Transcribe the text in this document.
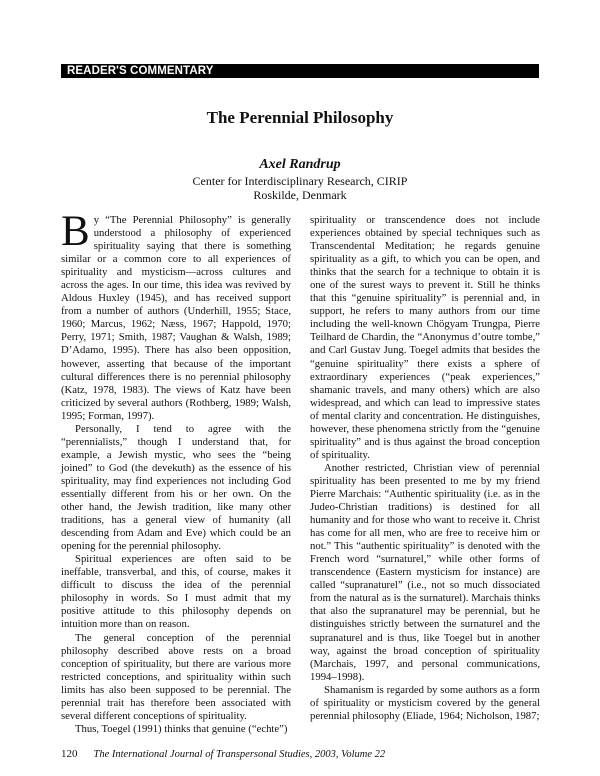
READER'S COMMENTARY
The Perennial Philosophy
Axel Randrup
Center for Interdisciplinary Research, CIRIP
Roskilde, Denmark

By “The Perennial Philosophy” is generally understood a philosophy of experienced spirituality saying that there is something similar or a common core to all experiences of spirituality and mysticism—across cultures and across the ages. In our time, this idea was revived by Aldous Huxley (1945), and has received support from a number of authors (Underhill, 1955; Stace, 1960; Marcus, 1962; Næss, 1967; Happold, 1970; Perry, 1971; Smith, 1987; Vaughan & Walsh, 1989; D’Adamo, 1995). There has also been opposition, however, asserting that because of the important cultural differences there is no perennial philosophy (Katz, 1978, 1983). The views of Katz have been criticized by several authors (Rothberg, 1989; Walsh, 1995; Forman, 1997).

Personally, I tend to agree with the “perennialists,” though I understand that, for example, a Jewish mystic, who sees the “being joined” to God (the devekuth) as the essence of his spirituality, may find experiences not including God essentially different from his or her own. On the other hand, the Jewish tradition, like many other traditions, has a general view of humanity (all descending from Adam and Eve) which could be an opening for the perennial philosophy.

Spiritual experiences are often said to be ineffable, transverbal, and this, of course, makes it difficult to discuss the idea of the perennial philosophy in words. So I must admit that my positive attitude to this philosophy depends on intuition more than on reason.

The general conception of the perennial philosophy described above rests on a broad conception of spirituality, but there are various more restricted conceptions, and spirituality within such limits has also been supposed to be perennial. The perennial trait has therefore been associated with several different conceptions of spirituality.

Thus, Toegel (1991) thinks that genuine (“echte”)

spirituality or transcendence does not include experiences obtained by special techniques such as Transcendental Meditation; he regards genuine spirituality as a gift, to which you can be open, and thinks that the search for a technique to obtain it is one of the surest ways to prevent it. Still he thinks that this “genuine spirituality” is perennial and, in support, he refers to many authors from our time including the well-known Chögyam Trungpa, Pierre Teilhard de Chardin, the “Anonymus d’outre tombe,” and Carl Gustav Jung. Toegel admits that besides the “genuine spirituality” there exists a sphere of extraordinary experiences (“peak experiences,” shamanic travels, and many others) which are also widespread, and which can lead to impressive states of mental clarity and concentration. He distinguishes, however, these phenomena strictly from the “genuine spirituality” and is thus against the broad conception of spirituality.

Another restricted, Christian view of perennial spirituality has been presented to me by my friend Pierre Marchais: “Authentic spirituality (i.e. as in the Judeo-Christian traditions) is destined for all humanity and for those who want to receive it. Christ has come for all men, who are free to receive him or not.” This “authentic spirituality” is denoted with the French word “surnaturel,” while other forms of transcendence (Eastern mysticism for instance) are called “supranaturel” (i.e., not so much dissociated from the natural as is the surnaturel). Marchais thinks that also the supranaturel may be perennial, but he distinguishes strictly between the surnaturel and the supranaturel and is thus, like Toegel but in another way, against the broad conception of spirituality (Marchais, 1997, and personal communications, 1994–1998).

Shamanism is regarded by some authors as a form of spirituality or mysticism covered by the general perennial philosophy (Eliade, 1964; Nicholson, 1987;

120 The International Journal of Transpersonal Studies, 2003, Volume 22
